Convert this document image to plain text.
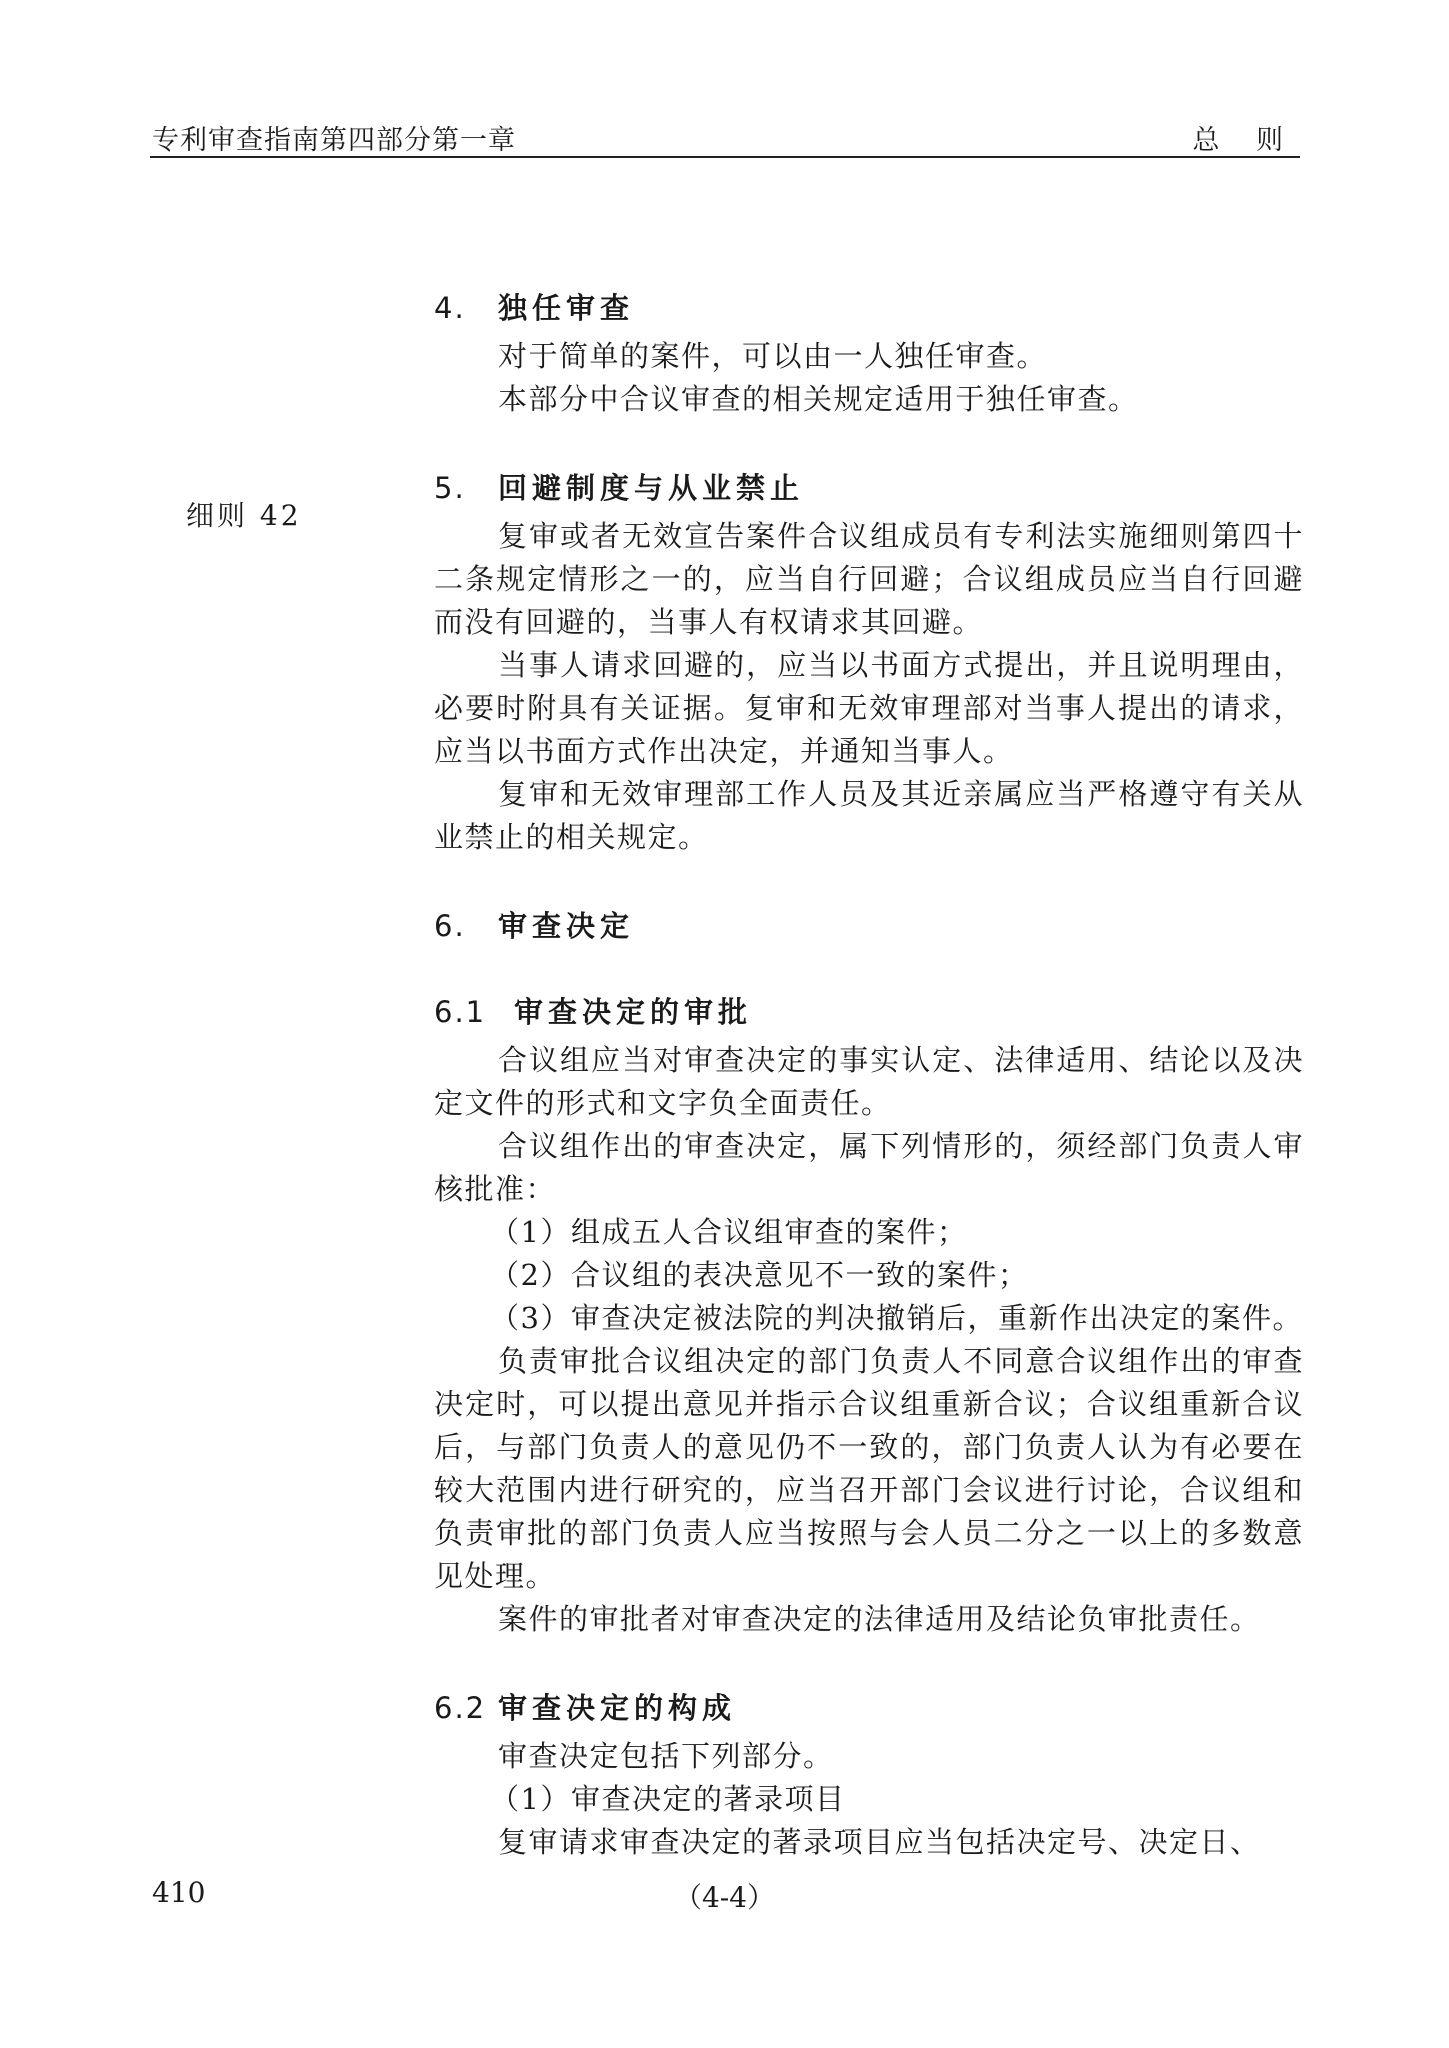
专利审查指南第四部分第一章	总 则
细则 42
4. 独任审查
对于简单的案件，可以由一人独任审查。
本部分中合议审查的相关规定适用于独任审查。
5. 回避制度与从业禁止
复审或者无效宣告案件合议组成员有专利法实施细则第四十二条规定情形之一的，应当自行回避；合议组成员应当自行回避而没有回避的，当事人有权请求其回避。
当事人请求回避的，应当以书面方式提出，并且说明理由，必要时附具有关证据。复审和无效审理部对当事人提出的请求，应当以书面方式作出决定，并通知当事人。
复审和无效审理部工作人员及其近亲属应当严格遵守有关从业禁止的相关规定。
6. 审查决定
6.1 审查决定的审批
合议组应当对审查决定的事实认定、法律适用、结论以及决定文件的形式和文字负全面责任。
合议组作出的审查决定，属下列情形的，须经部门负责人审核批准：
（1）组成五人合议组审查的案件；
（2）合议组的表决意见不一致的案件；
（3）审查决定被法院的判决撤销后，重新作出决定的案件。
负责审批合议组决定的部门负责人不同意合议组作出的审查决定时，可以提出意见并指示合议组重新合议；合议组重新合议后，与部门负责人的意见仍不一致的，部门负责人认为有必要在较大范围内进行研究的，应当召开部门会议进行讨论，合议组和负责审批的部门负责人应当按照与会人员二分之一以上的多数意见处理。
案件的审批者对审查决定的法律适用及结论负审批责任。
6.2 审查决定的构成
审查决定包括下列部分。
（1）审查决定的著录项目
复审请求审查决定的著录项目应当包括决定号、决定日、
410	（4-4）
